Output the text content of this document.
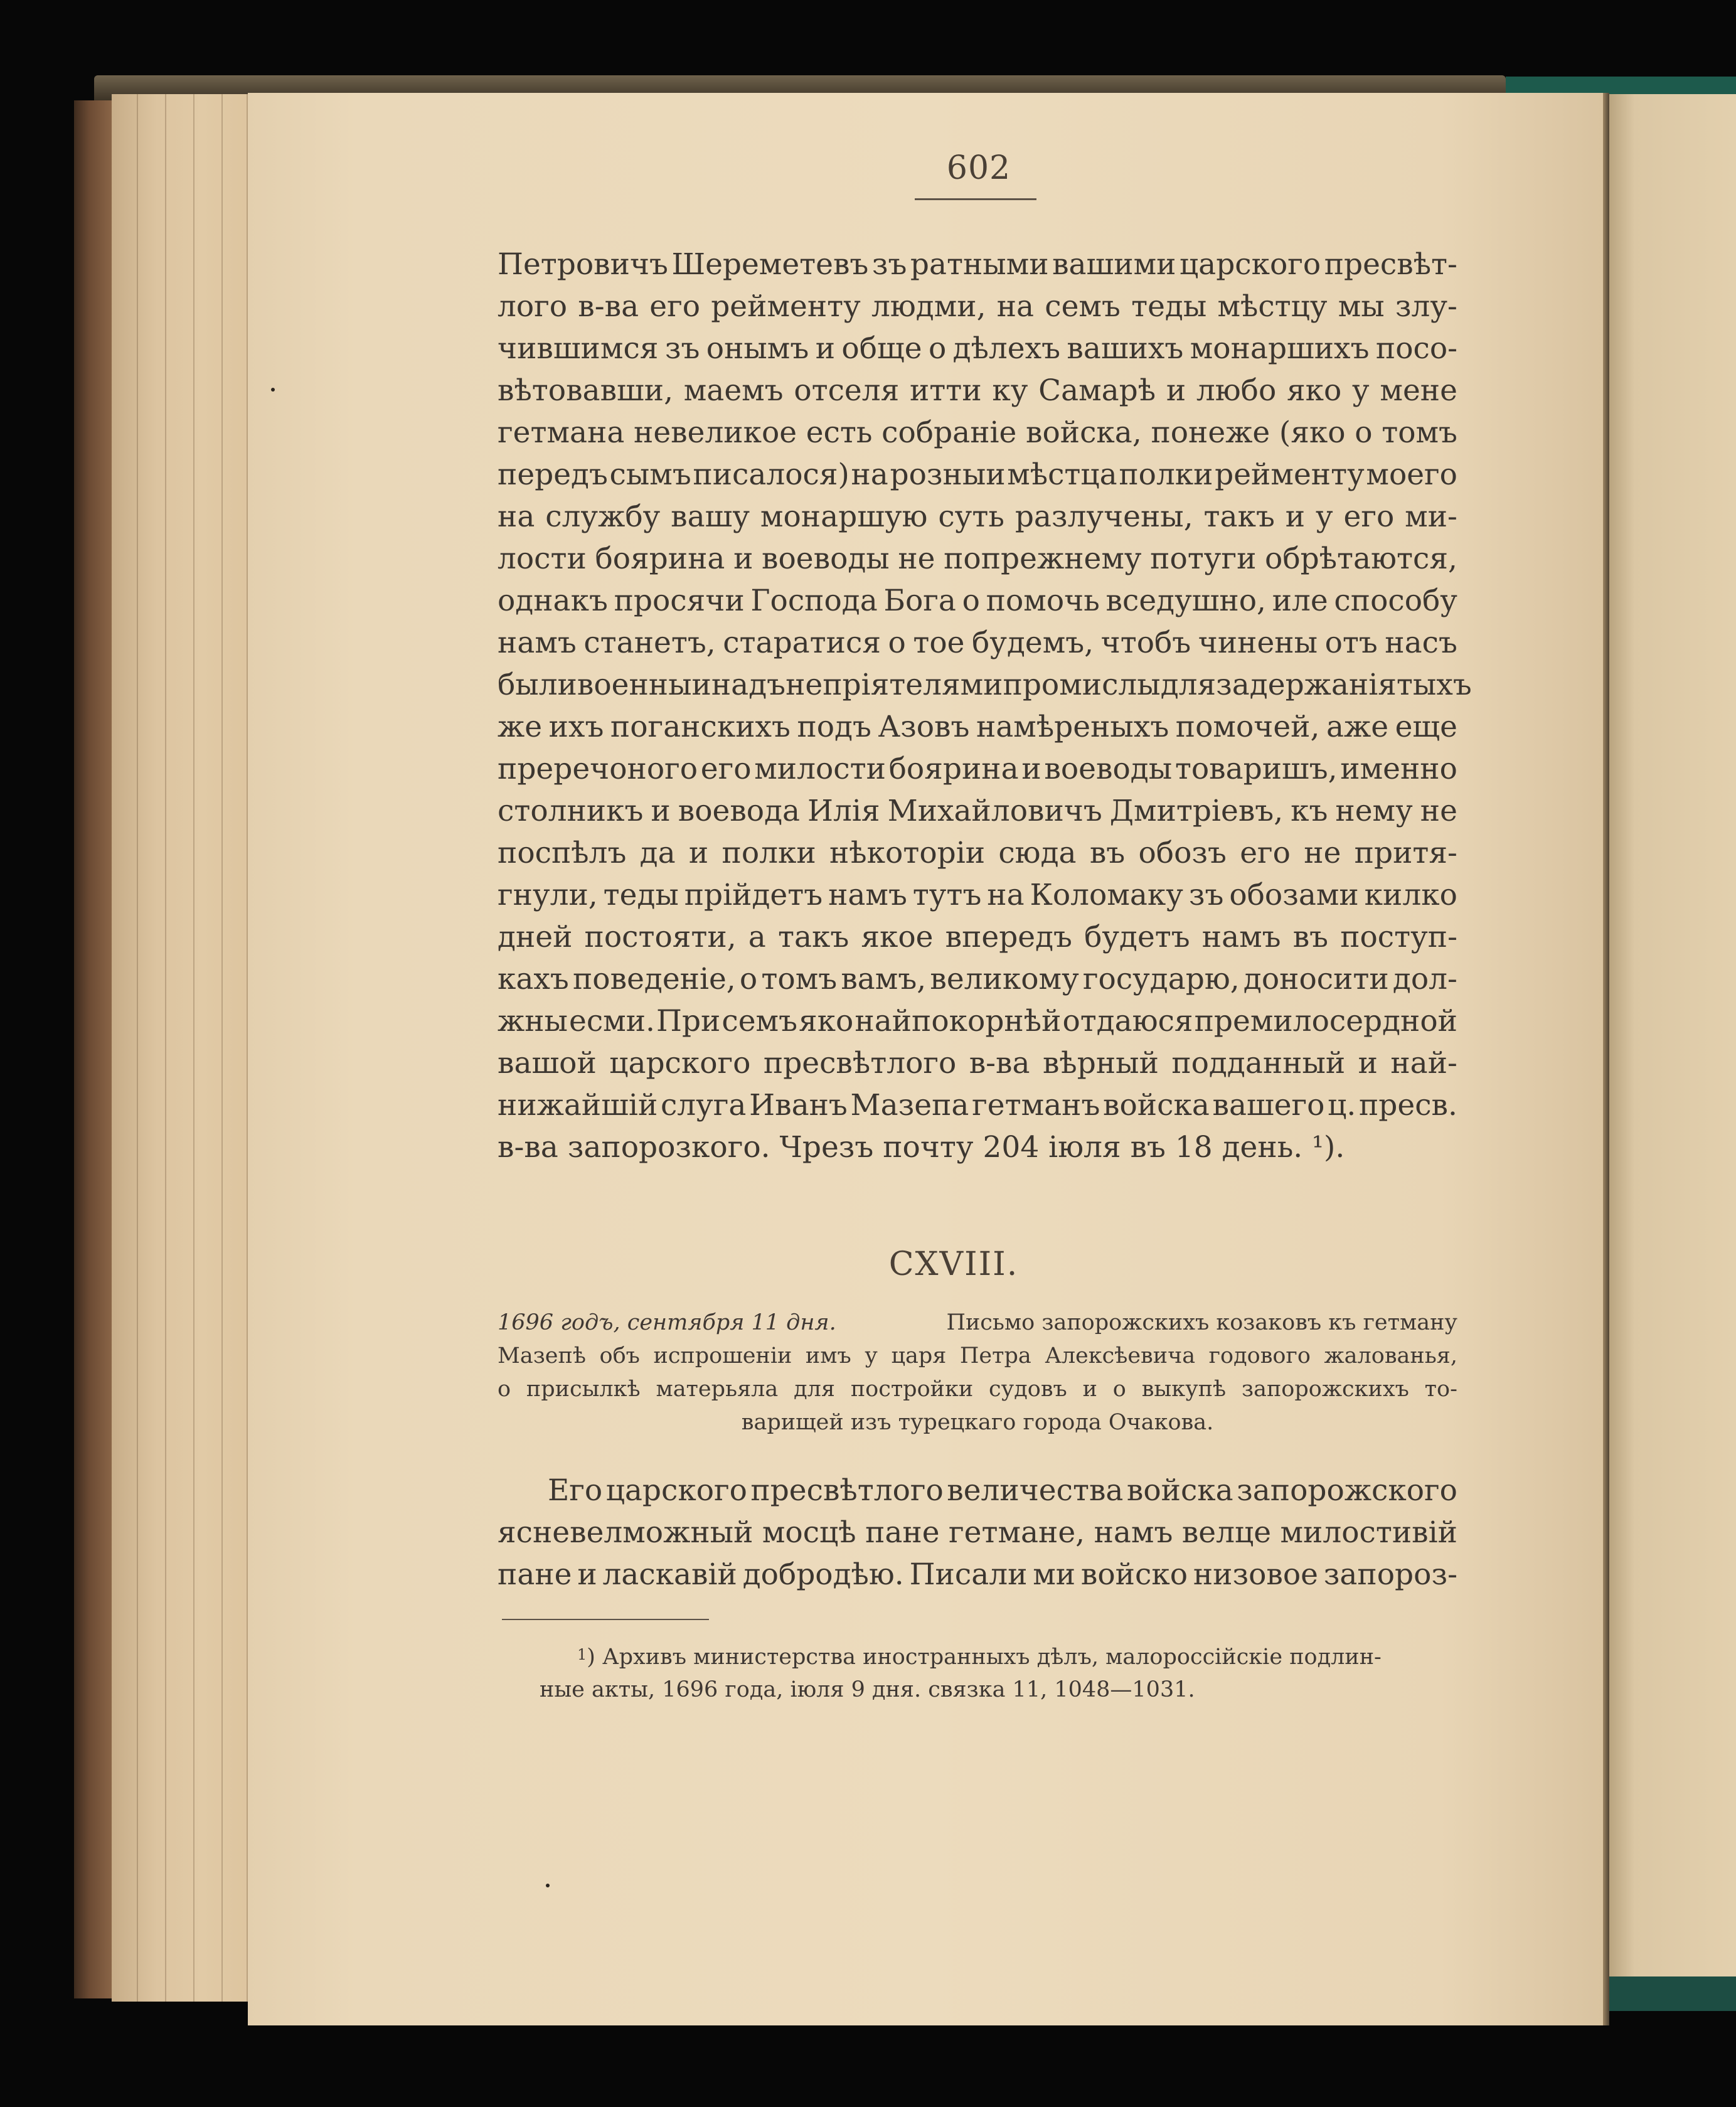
602
Петровичъ Шереметевъ зъ ратными вашими царского пресвѣт-
лого в-ва его рейменту людми, на семъ теды мѣстцу мы злу-
чившимся зъ онымъ и обще о дѣлехъ вашихъ монаршихъ посо-
вѣтовавши, маемъ отселя итти ку Самарѣ и любо яко у мене
гетмана невеликое есть собраніе войска, понеже (яко о томъ
передъ сымъ писалося) на розныи мѣстца полки рейменту моего
на службу вашу монаршую суть разлучены, такъ и у его ми-
лости боярина и воеводы не попрежнему потуги обрѣтаются,
однакъ просячи Господа Бога о помочь вседушно, иле способу
намъ станетъ, старатися о тое будемъ, чтобъ чинены отъ насъ
были военныи надъ непріятелями промислы для задержанія тыхъ
же ихъ поганскихъ подъ Азовъ намѣреныхъ помочей, аже еще
преречоного его милости боярина и воеводы товаришъ, именно
столникъ и воевода Илія Михайловичъ Дмитріевъ, къ нему не
поспѣлъ да и полки нѣкоторіи сюда въ обозъ его не притя-
гнули, теды прійдетъ намъ тутъ на Коломаку зъ обозами килко
дней постояти, а такъ якое впередъ будетъ намъ въ поступ-
кахъ поведеніе, о томъ вамъ, великому государю, доносити дол-
жны есми. При семъ яко найпокорнѣй отдаюся премилосердной
вашой царского пресвѣтлого в-ва вѣрный подданный и най-
нижайшій слуга Иванъ Мазепа гетманъ войска вашего ц. пресв.
в-ва запорозкого. Чрезъ почту 204 іюля въ 18 день. ¹).
CXVIII.
1696 годъ, сентября 11 дня.	Письмо запорожскихъ козаковъ къ гетману
Мазепѣ объ испрошеніи имъ у царя Петра Алексѣевича годового жалованья,
о присылкѣ матерьяла для постройки судовъ и о выкупѣ запорожскихъ то-
варищей изъ турецкаго города Очакова.
Его царского пресвѣтлого величества войска запорожского
ясневелможный мосцѣ пане гетмане, намъ велце милостивій
пане и ласкавій добродѣю. Писали ми войско низовое запороз-
$^1$) Архивъ министерства иностранныхъ дѣлъ, малороссійскіе подлин-
ные акты, 1696 года, іюля 9 дня. связка 11, 1048—1031.
